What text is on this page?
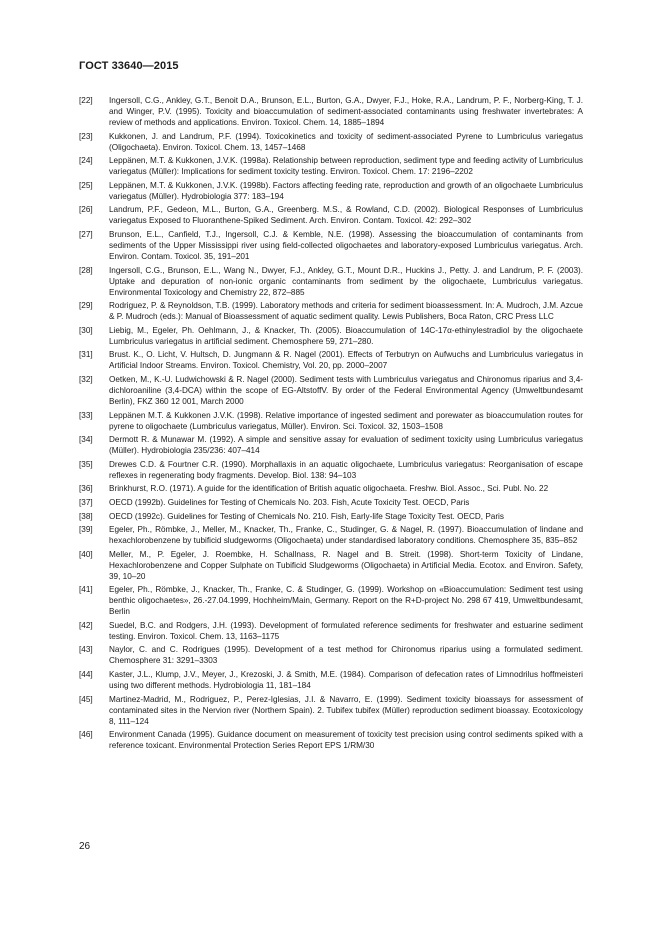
ГОСТ 33640—2015
[22]	Ingersoll, C.G., Ankley, G.T., Benoit D.A., Brunson, E.L., Burton, G.A., Dwyer, F.J., Hoke, R.A., Landrum, P. F., Norberg-King, T. J. and Winger, P.V. (1995). Toxicity and bioaccumulation of sediment-associated contaminants using freshwater invertebrates: A review of methods and applications. Environ. Toxicol. Chem. 14, 1885–1894
[23]	Kukkonen, J. and Landrum, P.F. (1994). Toxicokinetics and toxicity of sediment-associated Pyrene to Lumbriculus variegatus (Oligochaeta). Environ. Toxicol. Chem. 13, 1457–1468
[24]	Leppänen, M.T. & Kukkonen, J.V.K. (1998a). Relationship between reproduction, sediment type and feeding activity of Lumbriculus variegatus (Müller): Implications for sediment toxicity testing. Environ. Toxicol. Chem. 17: 2196–2202
[25]	Leppänen, M.T. & Kukkonen, J.V.K. (1998b). Factors affecting feeding rate, reproduction and growth of an oligochaete Lumbriculus variegatus (Müller). Hydrobiologia 377: 183–194
[26]	Landrum, P.F., Gedeon, M.L., Burton, G.A., Greenberg. M.S., & Rowland, C.D. (2002). Biological Responses of Lumbriculus variegatus Exposed to Fluoranthene-Spiked Sediment. Arch. Environ. Contam. Toxicol. 42: 292–302
[27]	Brunson, E.L., Canfield, T.J., Ingersoll, C.J. & Kemble, N.E. (1998). Assessing the bioaccumulation of contaminants from sediments of the Upper Mississippi river using field-collected oligochaetes and laboratory-exposed Lumbriculus variegatus. Arch. Environ. Contam. Toxicol. 35, 191–201
[28]	Ingersoll, C.G., Brunson, E.L., Wang N., Dwyer, F.J., Ankley, G.T., Mount D.R., Huckins J., Petty. J. and Landrum, P. F. (2003). Uptake and depuration of non-ionic organic contaminants from sediment by the oligochaete, Lumbriculus variegatus. Environmental Toxicology and Chemistry 22, 872–885
[29]	Rodriguez, P. & Reynoldson, T.B. (1999). Laboratory methods and criteria for sediment bioassessment. In: A. Mudroch, J.M. Azcue & P. Mudroch (eds.): Manual of Bioassessment of aquatic sediment quality. Lewis Publishers, Boca Raton, CRC Press LLC
[30]	Liebig, M., Egeler, Ph. Oehlmann, J., & Knacker, Th. (2005). Bioaccumulation of 14C-17α-ethinylestradiol by the oligochaete Lumbriculus variegatus in artificial sediment. Chemosphere 59, 271–280.
[31]	Brust. K., O. Licht, V. Hultsch, D. Jungmann & R. Nagel (2001). Effects of Terbutryn on Aufwuchs and Lumbriculus variegatus in Artificial Indoor Streams. Environ. Toxicol. Chemistry, Vol. 20, pp. 2000–2007
[32]	Oetken, M., K.-U. Ludwichowski & R. Nagel (2000). Sediment tests with Lumbriculus variegatus and Chironomus riparius and 3,4-dichloroaniline (3,4-DCA) within the scope of EG-AltstoffV. By order of the Federal Environmental Agency (Umweltbundesamt Berlin), FKZ 360 12 001, March 2000
[33]	Leppänen M.T. & Kukkonen J.V.K. (1998). Relative importance of ingested sediment and porewater as bioaccumulation routes for pyrene to oligochaete (Lumbriculus variegatus, Müller). Environ. Sci. Toxicol. 32, 1503–1508
[34]	Dermott R. & Munawar M. (1992). A simple and sensitive assay for evaluation of sediment toxicity using Lumbriculus variegatus (Müller). Hydrobiologia 235/236: 407–414
[35]	Drewes C.D. & Fourtner C.R. (1990). Morphallaxis in an aquatic oligochaete, Lumbriculus variegatus: Reorganisation of escape reflexes in regenerating body fragments. Develop. Biol. 138: 94–103
[36]	Brinkhurst, R.O. (1971). A guide for the identification of British aquatic oligochaeta. Freshw. Biol. Assoc., Sci. Publ. No. 22
[37]	OECD (1992b). Guidelines for Testing of Chemicals No. 203. Fish, Acute Toxicity Test. OECD, Paris
[38]	OECD (1992c). Guidelines for Testing of Chemicals No. 210. Fish, Early-life Stage Toxicity Test. OECD, Paris
[39]	Egeler, Ph., Römbke, J., Meller, M., Knacker, Th., Franke, C., Studinger, G. & Nagel, R. (1997). Bioaccumulation of lindane and hexachlorobenzene by tubificid sludgeworms (Oligochaeta) under standardised laboratory conditions. Chemosphere 35, 835–852
[40]	Meller, M., P. Egeler, J. Roembke, H. Schallnass, R. Nagel and B. Streit. (1998). Short-term Toxicity of Lindane, Hexachlorobenzene and Copper Sulphate on Tubificid Sludgeworms (Oligochaeta) in Artificial Media. Ecotox. and Environ. Safety, 39, 10–20
[41]	Egeler, Ph., Römbke, J., Knacker, Th., Franke, C. & Studinger, G. (1999). Workshop on «Bioaccumulation: Sediment test using benthic oligochaetes», 26.-27.04.1999, Hochheim/Main, Germany. Report on the R+D-project No. 298 67 419, Umweltbundesamt, Berlin
[42]	Suedel, B.C. and Rodgers, J.H. (1993). Development of formulated reference sediments for freshwater and estuarine sediment testing. Environ. Toxicol. Chem. 13, 1163–1175
[43]	Naylor, C. and C. Rodrigues (1995). Development of a test method for Chironomus riparius using a formulated sediment. Chemosphere 31: 3291–3303
[44]	Kaster, J.L., Klump, J.V., Meyer, J., Krezoski, J. & Smith, M.E. (1984). Comparison of defecation rates of Limnodrilus hoffmeisteri using two different methods. Hydrobiologia 11, 181–184
[45]	Martinez-Madrid, M., Rodriguez, P., Perez-Iglesias, J.I. & Navarro, E. (1999). Sediment toxicity bioassays for assessment of contaminated sites in the Nervion river (Northern Spain). 2. Tubifex tubifex (Müller) reproduction sediment bioassay. Ecotoxicology 8, 111–124
[46]	Environment Canada (1995). Guidance document on measurement of toxicity test precision using control sediments spiked with a reference toxicant. Environmental Protection Series Report EPS 1/RM/30
26
